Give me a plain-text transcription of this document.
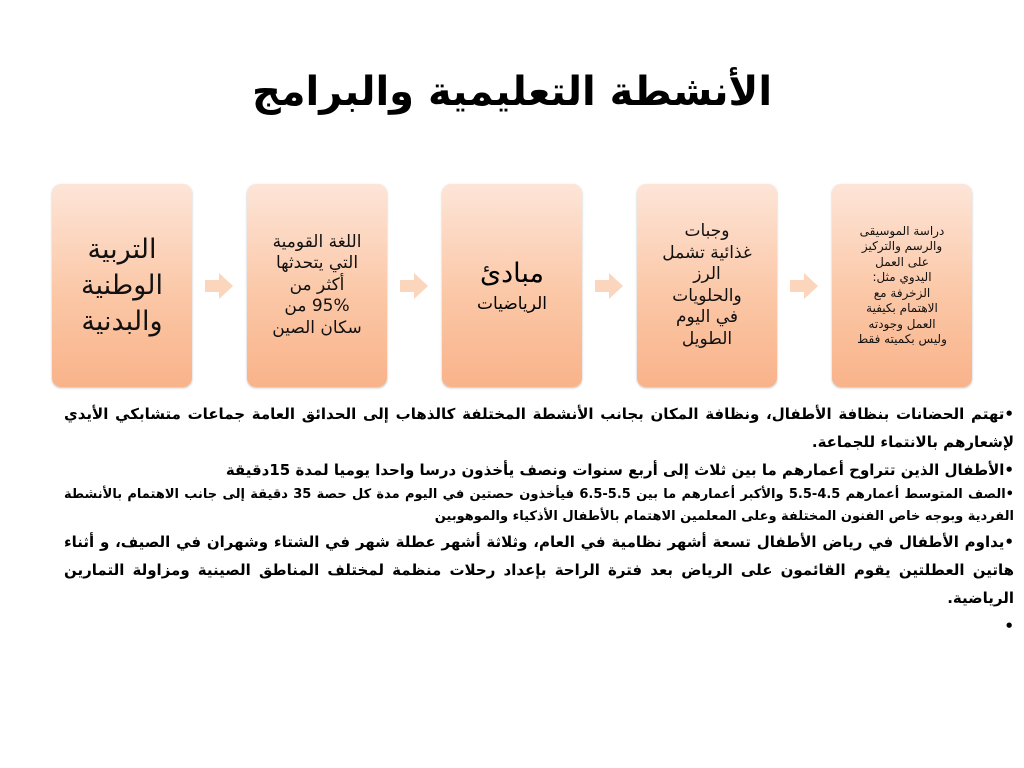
الأنشطة التعليمية والبرامج
التربية
الوطنية
والبدنية
اللغة القومية
التي يتحدثها
أكثر من
95% من
سكان الصين
مبادئ
الرياضيات
وجبات
غذائية تشمل
الرز
والحلويات
في اليوم
الطويل
دراسة الموسيقى
والرسم والتركيز
على العمل
اليدوي مثل:
الزخرفة مع
الاهتمام بكيفية
العمل وجودته
وليس بكميته فقط

•تهتم الحضانات بنظافة الأطفال، ونظافة المكان بجانب الأنشطة المختلفة كالذهاب إلى الحدائق العامة جماعات متشابكي الأيدي لإشعارهم بالانتماء للجماعة.

•الأطفال الذين تتراوح أعمارهم ما بين ثلاث إلى أربع سنوات ونصف يأخذون درسا واحدا يوميا لمدة 15دقيقة

•الصف المتوسط أعمارهم 4.5-5.5 والأكبر أعمارهم ما بين 5.5-6.5 فيأخذون حصتين في اليوم مدة كل حصة 35 دقيقة إلى جانب الاهتمام بالأنشطة الفردية وبوجه خاص الفنون المختلفة وعلى المعلمين الاهتمام بالأطفال الأذكياء والموهوبين

•يداوم الأطفال في رياض الأطفال تسعة أشهر نظامية في العام، وثلاثة أشهر عطلة شهر في الشتاء وشهران في الصيف، و أثناء هاتين العطلتين يقوم القائمون على الرياض بعد فترة الراحة بإعداد رحلات منظمة لمختلف المناطق الصينية ومزاولة التمارين الرياضية.

•
